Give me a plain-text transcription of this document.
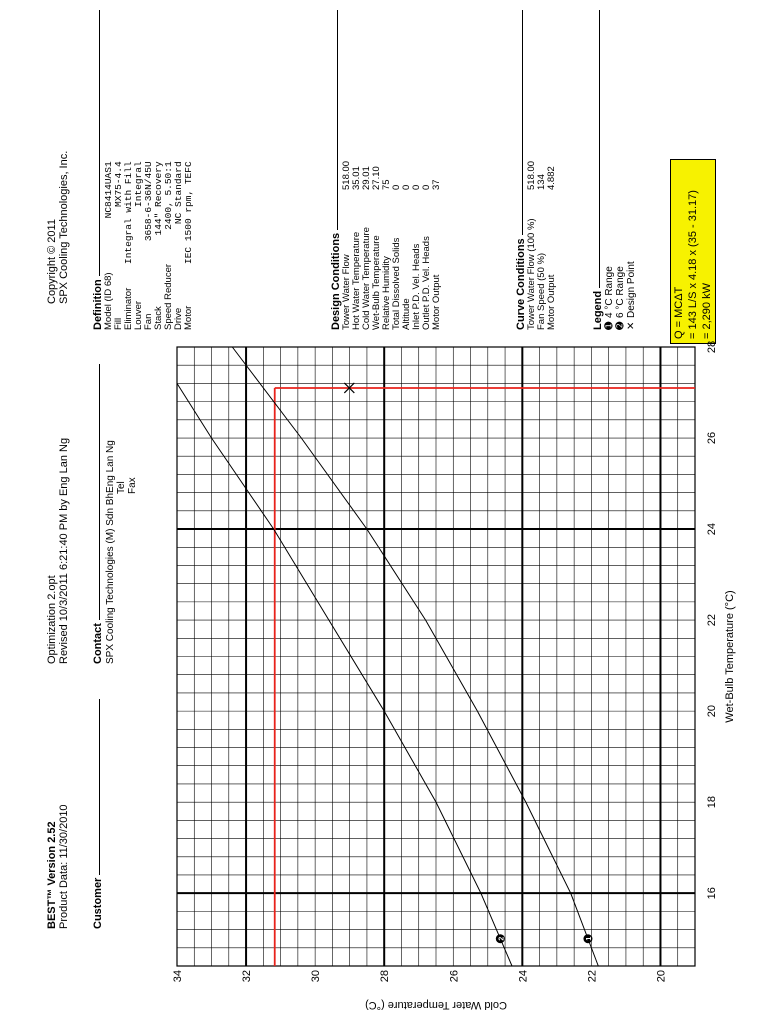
BEST™ Version 2.52 Product Data: 11/30/2010
Optimization 2.opt Revised 10/3/2011 6:21:40 PM by Eng Lan Ng
Copyright © 2011 SPX Cooling Technologies, Inc.
Customer
Contact SPX Cooling Technologies (M) Sdn BhEng Lan Ng Tel Fax
Definition Model (ID 68)	NC8414UAS1	
Fill	MX75-4.4	
Eliminator	Integral with Fill	
Louver	Integral	
Fan	3658-6-36N/45U	
Stack	144" Recovery	
Speed Reducer	2400, 5.50:1	
Drive	NC Standard	
Motor	IEC 1500 rpm, TEFC	
Design Conditions Tower Water Flow	518.00
Hot Water Temperature	35.01
Cold Water Temperature	29.01
Wet-Bulb Temperature	27.10
Relative Humidity	75
Total Dissolved Solids	0
Altitude	0
Inlet P.D. Vel. Heads	0
Outlet P.D. Vel. Heads	0
Motor Output	37
Curve Conditions Tower Water Flow (100 %)	518.00
Fan Speed (50 %)	134
Motor Output	4.882
Legend ➊4 °C Range
➋6 °C Range
✕Design Point	Q = MCΔT = 143 L/S x 4.18 x (35 - 31.17) = 2,290 kW
1
2
16
18
20
22
24
26
28
20
22
24
26
28
30
32
34
Wet-Bulb Temperature (°C)
Cold Water Temperature (°C)
